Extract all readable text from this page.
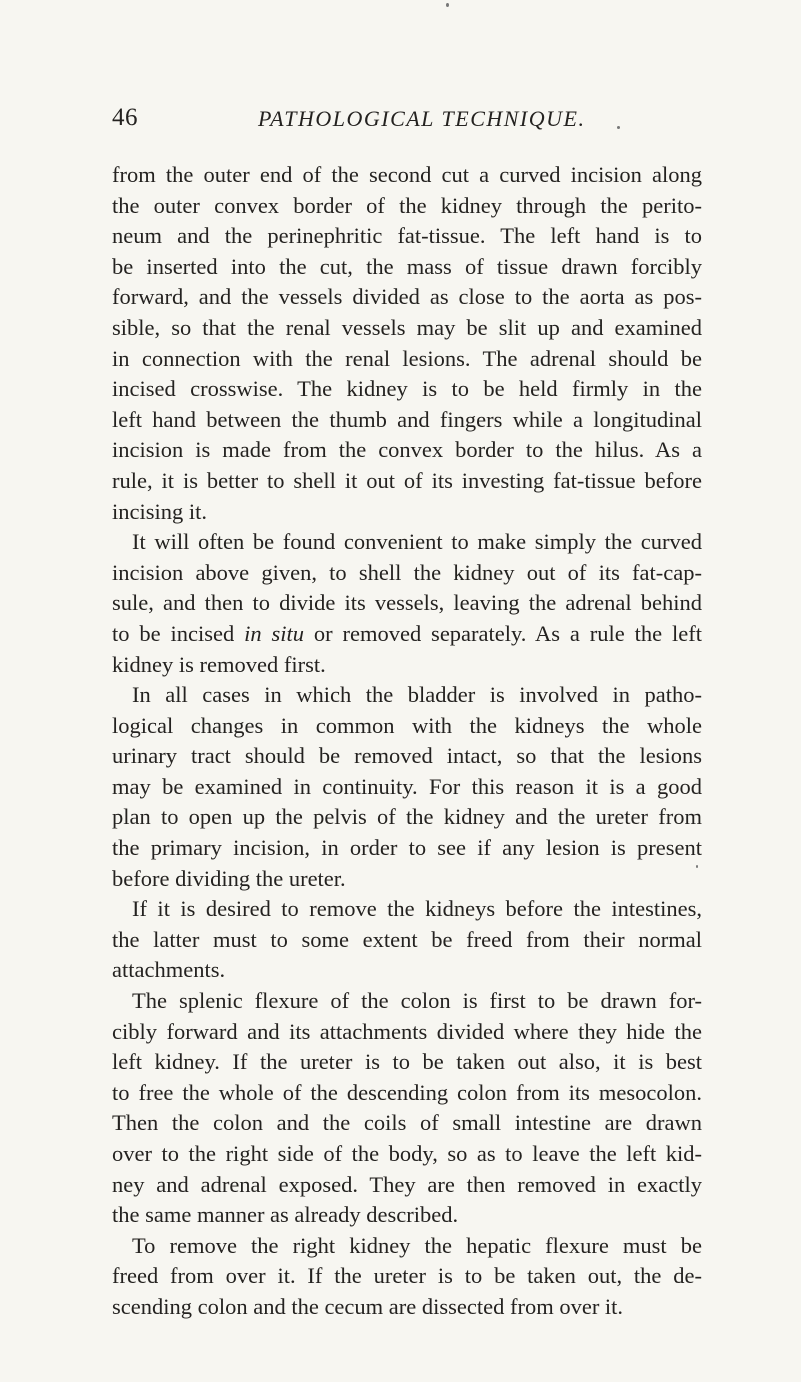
46	PATHOLOGICAL TECHNIQUE.

from the outer end of the second cut a curved incision along
the outer convex border of the kidney through the perito-
neum and the perinephritic fat-tissue. The left hand is to
be inserted into the cut, the mass of tissue drawn forcibly
forward, and the vessels divided as close to the aorta as pos-
sible, so that the renal vessels may be slit up and examined
in connection with the renal lesions. The adrenal should be
incised crosswise. The kidney is to be held firmly in the
left hand between the thumb and fingers while a longitudinal
incision is made from the convex border to the hilus. As a
rule, it is better to shell it out of its investing fat-tissue before
incising it.

It will often be found convenient to make simply the curved
incision above given, to shell the kidney out of its fat-cap-
sule, and then to divide its vessels, leaving the adrenal behind
to be incised in situ or removed separately. As a rule the left
kidney is removed first.

In all cases in which the bladder is involved in patho-
logical changes in common with the kidneys the whole
urinary tract should be removed intact, so that the lesions
may be examined in continuity. For this reason it is a good
plan to open up the pelvis of the kidney and the ureter from
the primary incision, in order to see if any lesion is present
before dividing the ureter.

If it is desired to remove the kidneys before the intestines,
the latter must to some extent be freed from their normal
attachments.

The splenic flexure of the colon is first to be drawn for-
cibly forward and its attachments divided where they hide the
left kidney. If the ureter is to be taken out also, it is best
to free the whole of the descending colon from its mesocolon.
Then the colon and the coils of small intestine are drawn
over to the right side of the body, so as to leave the left kid-
ney and adrenal exposed. They are then removed in exactly
the same manner as already described.

To remove the right kidney the hepatic flexure must be
freed from over it. If the ureter is to be taken out, the de-
scending colon and the cecum are dissected from over it.
